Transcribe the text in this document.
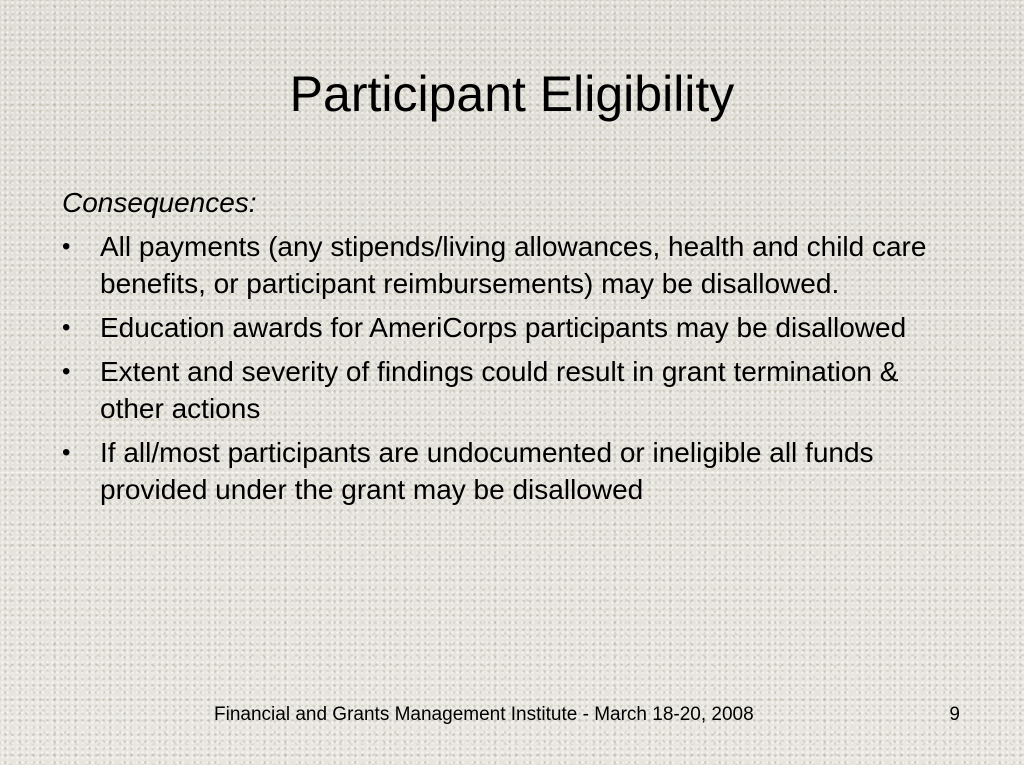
Participant Eligibility

Consequences:

•	All payments (any stipends/living allowances, health and child care benefits, or participant reimbursements) may be disallowed.
•	Education awards for AmeriCorps participants may be disallowed
•	Extent and severity of findings could result in grant termination & other actions
•	If all/most participants are undocumented or ineligible all funds provided under the grant may be disallowed
Financial and Grants Management Institute - March 18-20, 2008	9
